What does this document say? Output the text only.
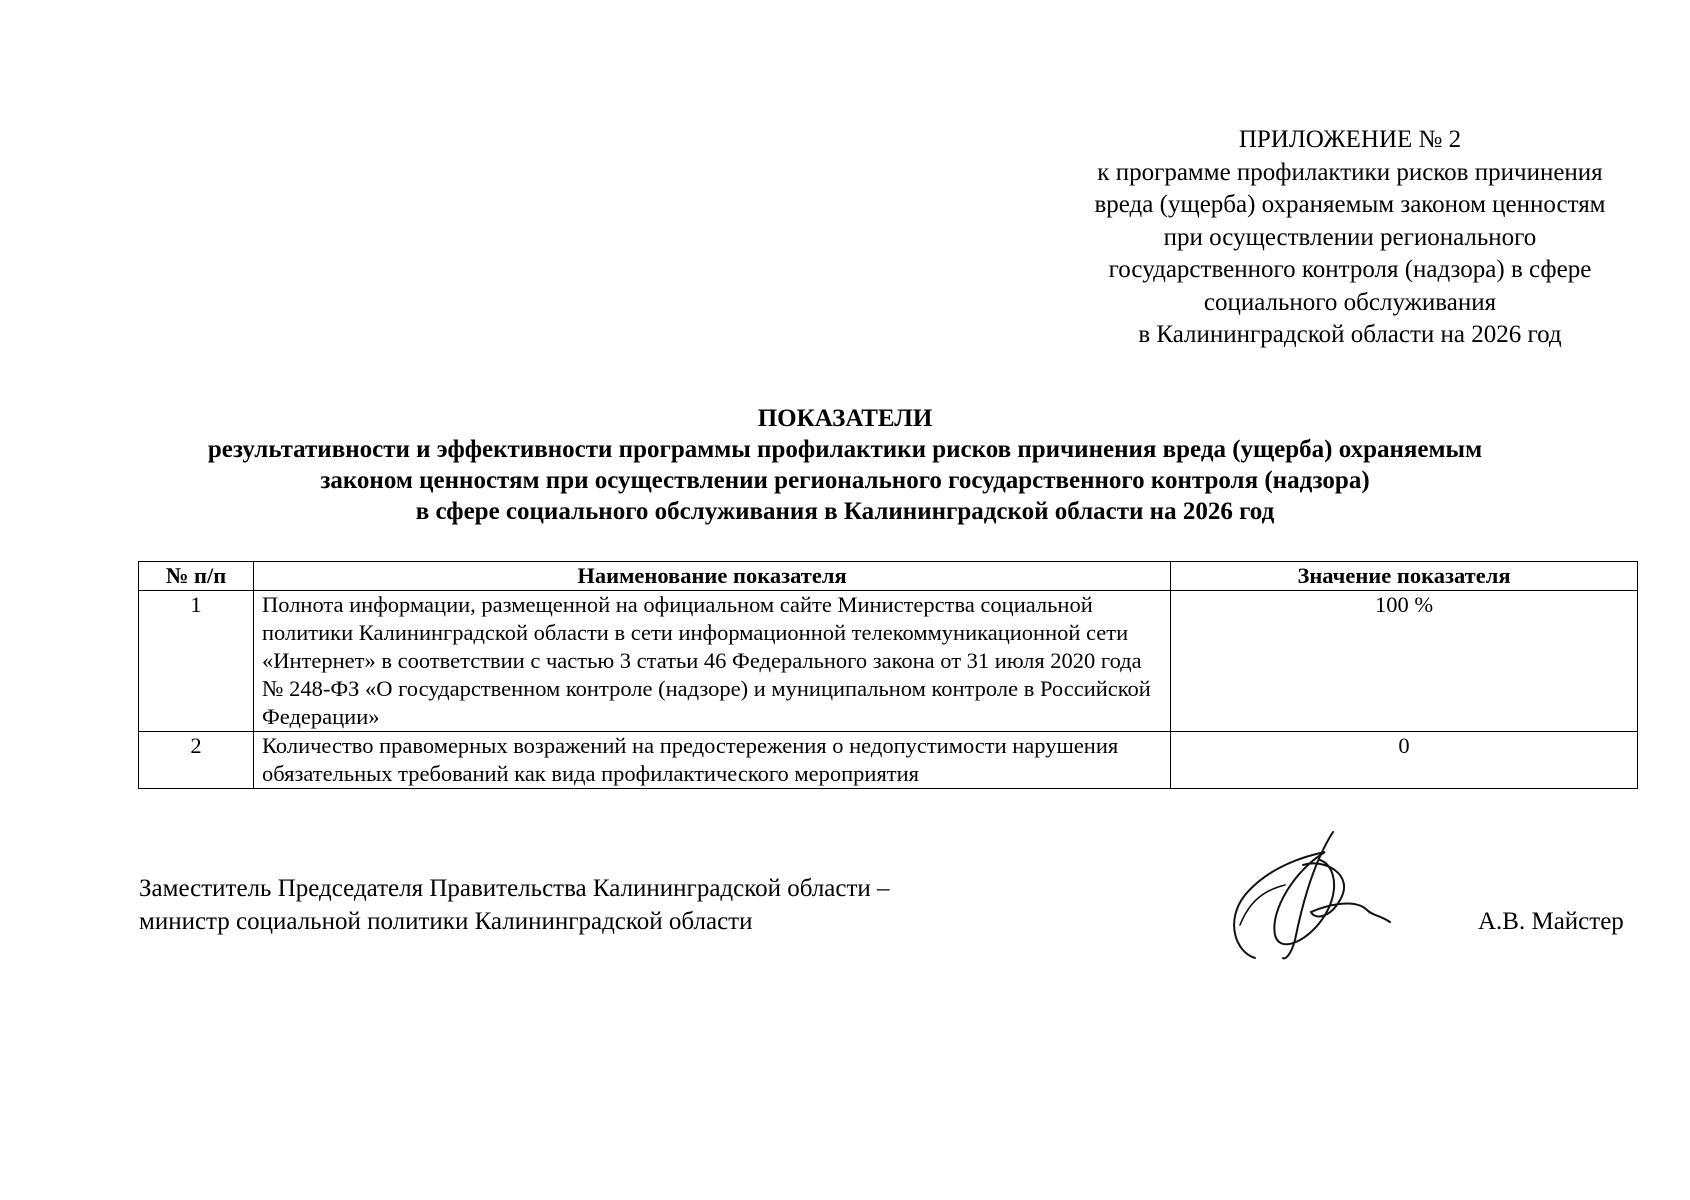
ПРИЛОЖЕНИЕ № 2
к программе профилактики рисков причинения
вреда (ущерба) охраняемым законом ценностям
при осуществлении регионального
государственного контроля (надзора) в сфере
социального обслуживания
в Калининградской области на 2026 год
ПОКАЗАТЕЛИ
результативности и эффективности программы профилактики рисков причинения вреда (ущерба) охраняемым
законом ценностям при осуществлении регионального государственного контроля (надзора)
в сфере социального обслуживания в Калининградской области на 2026 год
№ п/п	Наименование показателя	Значение показателя
1	Полнота информации, размещенной на официальном сайте Министерства социальной политики Калининградской области в сети информационной телекоммуникационной сети «Интернет» в соответствии с частью 3 статьи 46 Федерального закона от 31 июля 2020 года № 248-ФЗ «О государственном контроле (надзоре) и муниципальном контроле в Российской Федерации»	100 %
2	Количество правомерных возражений на предостережения о недопустимости нарушения обязательных требований как вида профилактического мероприятия	0
Заместитель Председателя Правительства Калининградской области –
министр социальной политики Калининградской области	А.В. Майстер
